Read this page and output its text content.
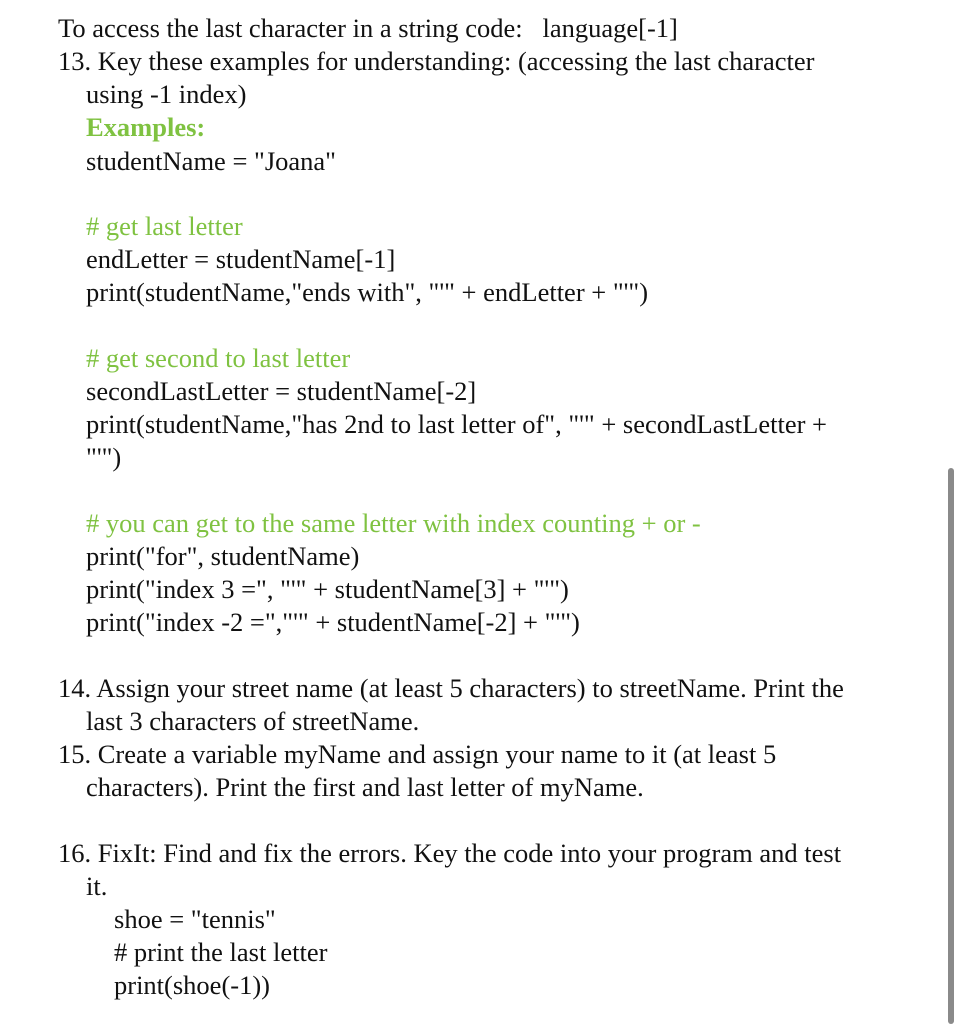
To access the last character in a string code:   language[-1]
13. Key these examples for understanding: (accessing the last character
using -1 index)
Examples:
studentName = "Joana"
# get last letter
endLetter = studentName[-1]
print(studentName,"ends with", "'" + endLetter + "'")
# get second to last letter
secondLastLetter = studentName[-2]
print(studentName,"has 2nd to last letter of", "'" + secondLastLetter +
"'")
# you can get to the same letter with index counting + or -
print("for", studentName)
print("index 3 =", "'" + studentName[3] + "'")
print("index -2 =","'" + studentName[-2] + "'")
14. Assign your street name (at least 5 characters) to streetName. Print the
last 3 characters of streetName.
15. Create a variable myName and assign your name to it (at least 5
characters). Print the first and last letter of myName.
16. FixIt: Find and fix the errors. Key the code into your program and test
it.
shoe = "tennis"
# print the last letter
print(shoe(-1))
